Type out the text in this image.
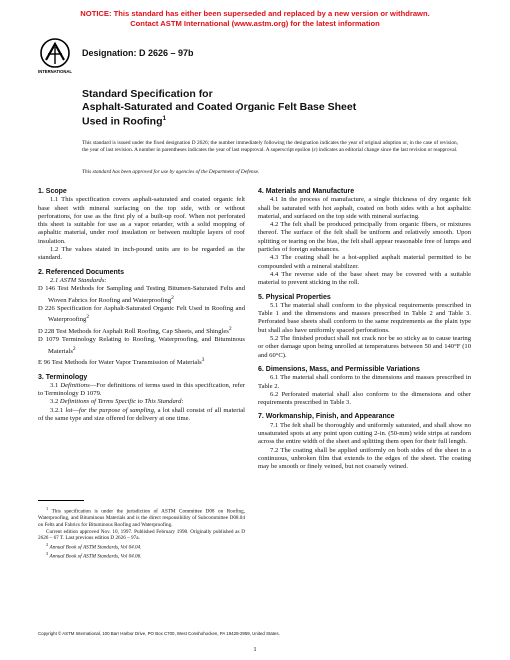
NOTICE: This standard has either been superseded and replaced by a new version or withdrawn.
Contact ASTM International (www.astm.org) for the latest information
INTERNATIONAL
Designation: D 2626 – 97b
Standard Specification for
Asphalt-Saturated and Coated Organic Felt Base Sheet
Used in Roofing$^1$
This standard is issued under the fixed designation D 2626; the number immediately following the designation indicates the year of original adoption or, in the case of revision, the year of last revision. A number in parentheses indicates the year of last reapproval. A superscript epsilon (ε) indicates an editorial change since the last revision or reapproval.
This standard has been approved for use by agencies of the Department of Defense.

1. Scope

1.1 This specification covers asphalt-saturated and coated organic felt base sheet with mineral surfacing on the top side, with or without perforations, for use as the first ply of a built-up roof. When not perforated this sheet is suitable for use as a vapor retarder, with a solid mopping of asphaltic material, under roof insulation or between multiple layers of roof insulation.

1.2 The values stated in inch-pound units are to be regarded as the standard.

2. Referenced Documents

2.1 ASTM Standards:

D 146 Test Methods for Sampling and Testing Bitumen-Saturated Felts and Woven Fabrics for Roofing and Waterproofing$^2$

D 226 Specification for Asphalt-Saturated Organic Felt Used in Roofing and Waterproofing$^2$

D 228 Test Methods for Asphalt Roll Roofing, Cap Sheets, and Shingles$^2$

D 1079 Terminology Relating to Roofing, Waterproofing, and Bituminous Materials$^2$

E 96 Test Methods for Water Vapor Transmission of Materials$^3$

3. Terminology

3.1 Definitions—For definitions of terms used in this specification, refer to Terminology D 1079.

3.2 Definitions of Terms Specific to This Standard:

3.2.1 lot—for the purpose of sampling, a lot shall consist of all material of the same type and size offered for delivery at one time.

$^1$ This specification is under the jurisdiction of ASTM Committee D08 on Roofing, Waterproofing, and Bituminous Materials and is the direct responsibility of Subcommittee D08.04 on Felts and Fabrics for Bituminous Roofing and Waterproofing.

Current edition approved Nov. 10, 1997. Published February 1998. Originally published as D 2626 – 67 T. Last previous edition D 2626 – 97a.

$^2$ Annual Book of ASTM Standards, Vol 04.04.

$^3$ Annual Book of ASTM Standards, Vol 04.06.

4. Materials and Manufacture

4.1 In the process of manufacture, a single thickness of dry organic felt shall be saturated with hot asphalt, coated on both sides with a hot asphaltic material, and surfaced on the top side with mineral surfacing.

4.2 The felt shall be produced principally from organic fibers, or mixtures thereof. The surface of the felt shall be uniform and relatively smooth. Upon splitting or tearing on the bias, the felt shall appear reasonable free of lumps and particles of foreign substances.

4.3 The coating shall be a hot-applied asphalt material permitted to be compounded with a mineral stabilizer.

4.4 The reverse side of the base sheet may be covered with a suitable material to prevent sticking in the roll.

5. Physical Properties

5.1 The material shall conform to the physical requirements prescribed in Table 1 and the dimensions and masses prescribed in Table 2 and Table 3. Perforated base sheets shall conform to the same requirements as the plain type but shall also have uniformly spaced perforations.

5.2 The finished product shall not crack nor be so sticky as to cause tearing or other damage upon being unrolled at temperatures between 50 and 140°F (10 and 60°C).

6. Dimensions, Mass, and Permissible Variations

6.1 The material shall conform to the dimensions and masses prescribed in Table 2.

6.2 Perforated material shall also conform to the dimensions and other requirements prescribed in Table 3.

7. Workmanship, Finish, and Appearance

7.1 The felt shall be thoroughly and uniformly saturated, and shall show no unsaturated spots at any point upon cutting 2-in. (50-mm) wide strips at random across the entire width of the sheet and splitting them open for their full length.

7.2 The coating shall be applied uniformly on both sides of the sheet in a continuous, unbroken film that extends to the edges of the sheet. The coating may be smooth or finely veined, but not coarsely veined.

Copyright © ASTM International, 100 Barr Harbor Drive, PO Box C700, West Conshohocken, PA 19428-2959, United States.
1
